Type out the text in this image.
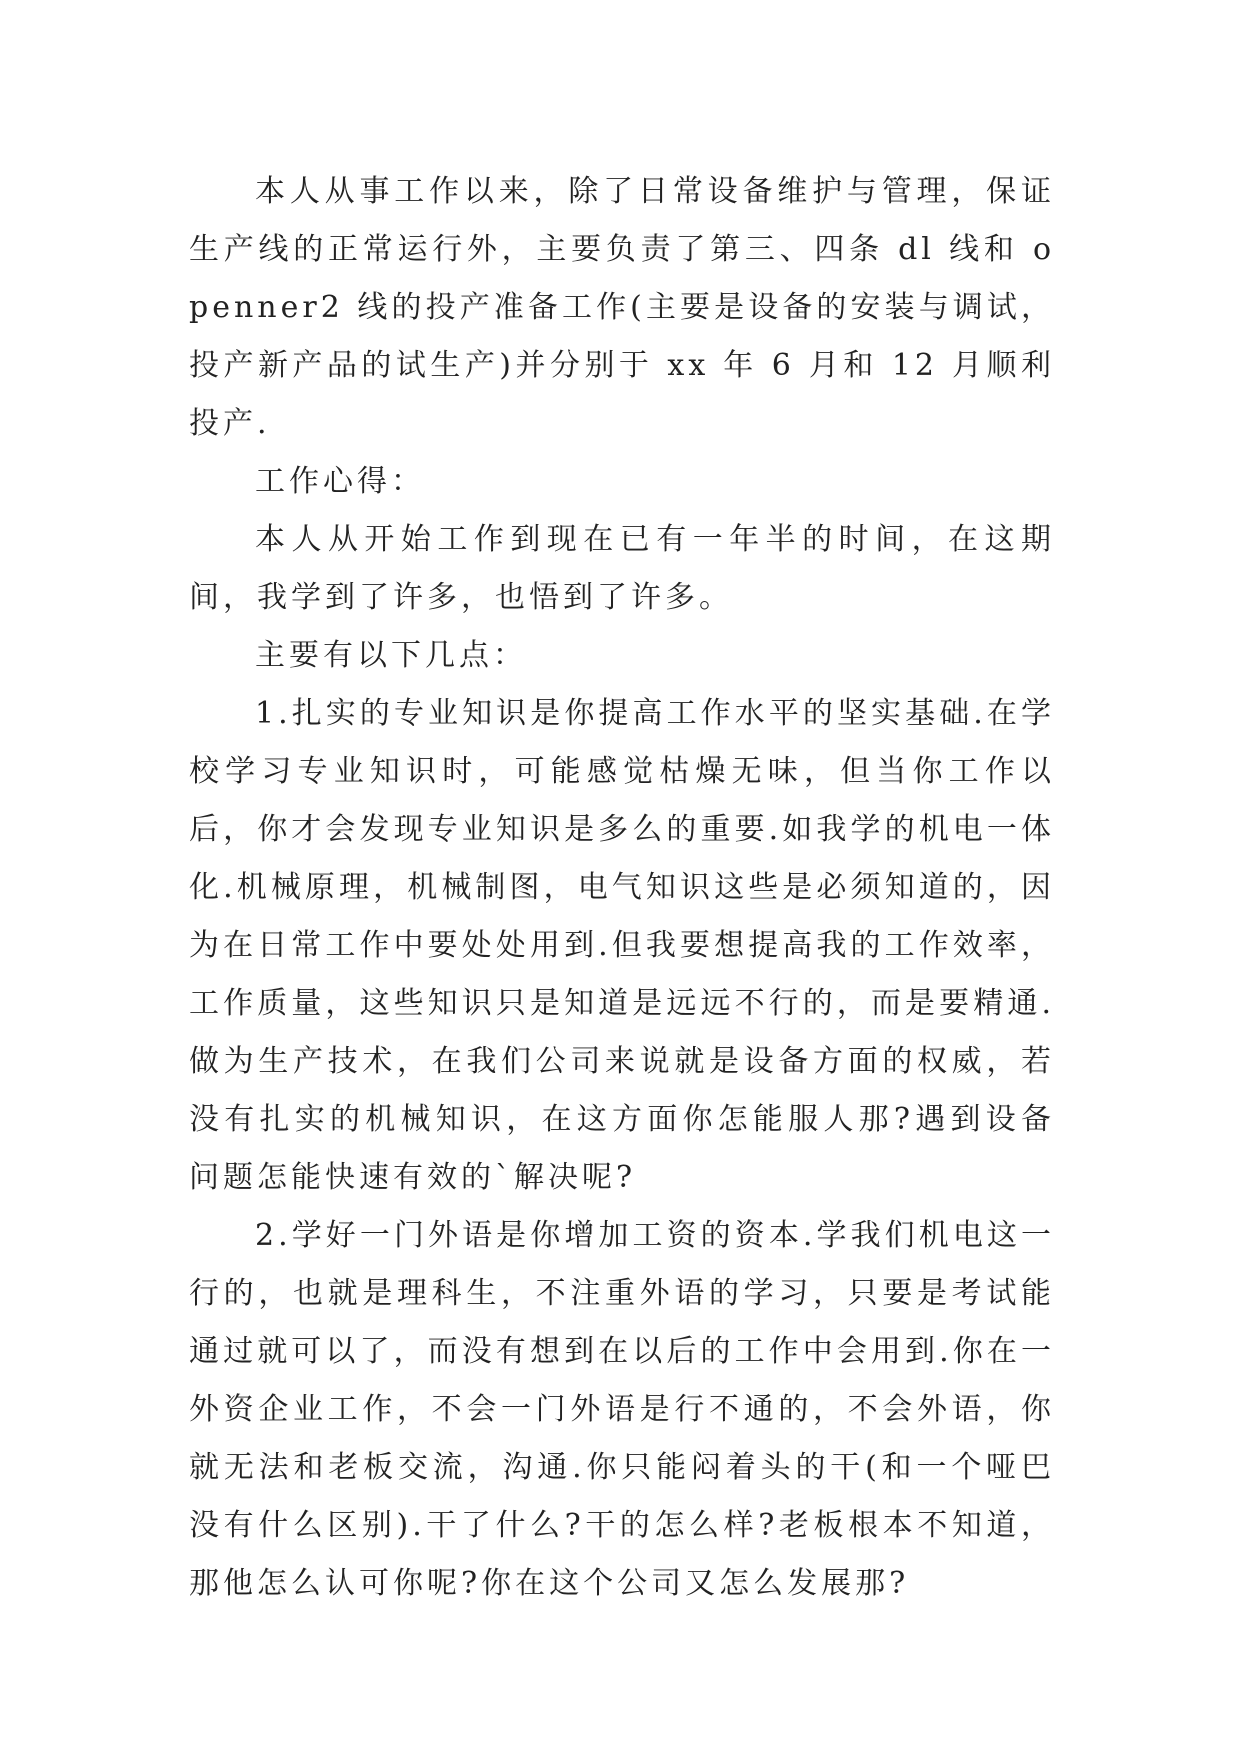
本人从事工作以来，除了日常设备维护与管理，保证生产线的正常运行外，主要负责了第三、四条 dl 线和 openner2 线的投产准备工作(主要是设备的安装与调试，投产新产品的试生产)并分别于 xx 年 6 月和 12 月顺利投产.

工作心得：

本人从开始工作到现在已有一年半的时间，在这期间，我学到了许多，也悟到了许多。

主要有以下几点：

1.扎实的专业知识是你提高工作水平的坚实基础.在学校学习专业知识时，可能感觉枯燥无味，但当你工作以后，你才会发现专业知识是多么的重要.如我学的机电一体化.机械原理，机械制图，电气知识这些是必须知道的，因为在日常工作中要处处用到.但我要想提高我的工作效率，工作质量，这些知识只是知道是远远不行的，而是要精通.做为生产技术，在我们公司来说就是设备方面的权威，若没有扎实的机械知识，在这方面你怎能服人那?遇到设备问题怎能快速有效的`解决呢?

2.学好一门外语是你增加工资的资本.学我们机电这一行的，也就是理科生，不注重外语的学习，只要是考试能通过就可以了，而没有想到在以后的工作中会用到.你在一外资企业工作，不会一门外语是行不通的，不会外语，你就无法和老板交流，沟通.你只能闷着头的干(和一个哑巴没有什么区别).干了什么?干的怎么样?老板根本不知道，那他怎么认可你呢?你在这个公司又怎么发展那?
